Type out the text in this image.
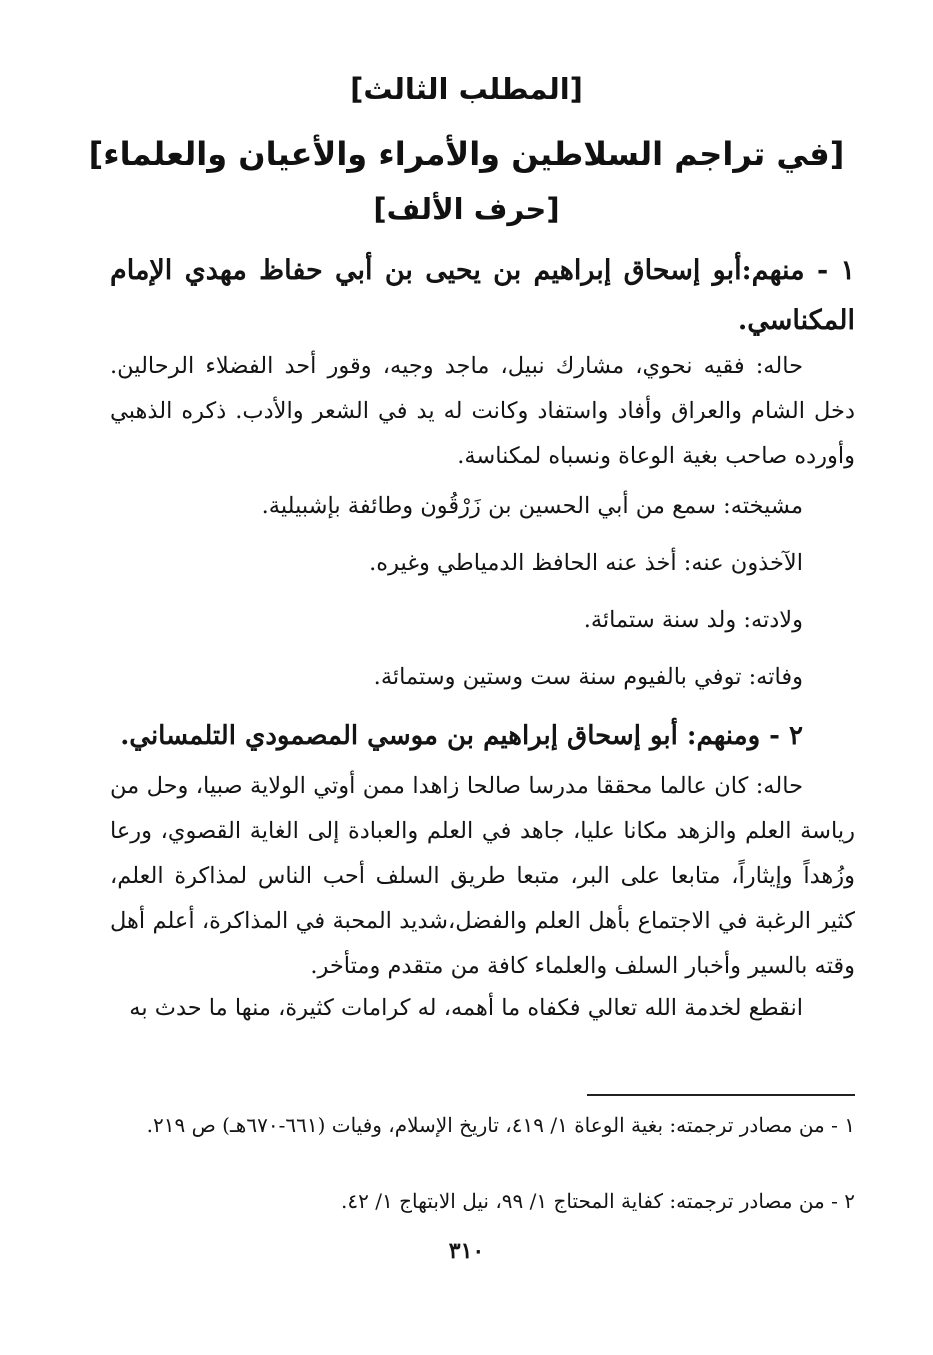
[المطلب الثالث]
[في تراجم السلاطين والأمراء والأعيان والعلماء]
[حرف الألف]
١ - منهم:أبو إسحاق إبراهيم بن يحيى بن أبي حفاظ مهدي الإمام المكناسي.
حاله: فقيه نحوي، مشارك نبيل، ماجد وجيه، وقور أحد الفضلاء الرحالين. دخل الشام والعراق وأفاد واستفاد وكانت له يد في الشعر والأدب. ذكره الذهبي وأورده صاحب بغية الوعاة ونسباه لمكناسة.
مشيخته: سمع من أبي الحسين بن زَرْقُون وطائفة بإشبيلية.
الآخذون عنه: أخذ عنه الحافظ الدمياطي وغيره.
ولادته: ولد سنة ستمائة.
وفاته: توفي بالفيوم سنة ست وستين وستمائة.
٢ - ومنهم: أبو إسحاق إبراهيم بن موسي المصمودي التلمساني.
حاله: كان عالما محققا مدرسا صالحا زاهدا ممن أوتي الولاية صبيا، وحل من رياسة العلم والزهد مكانا عليا، جاهد في العلم والعبادة إلى الغاية القصوي، ورعا وزُهداً وإيثاراً، متابعا على البر، متبعا طريق السلف أحب الناس لمذاكرة العلم، كثير الرغبة في الاجتماع بأهل العلم والفضل،شديد المحبة في المذاكرة، أعلم أهل وقته بالسير وأخبار السلف والعلماء كافة من متقدم ومتأخر.
انقطع لخدمة الله تعالي فكفاه ما أهمه، له كرامات كثيرة، منها ما حدث به
١ - من مصادر ترجمته: بغية الوعاة ١/ ٤١٩، تاريخ الإسلام، وفيات (٦٦١-٦٧٠هـ) ص ٢١٩.
٢ - من مصادر ترجمته: كفاية المحتاج ١/ ٩٩، نيل الابتهاج ١/ ٤٢.
٣١٠
